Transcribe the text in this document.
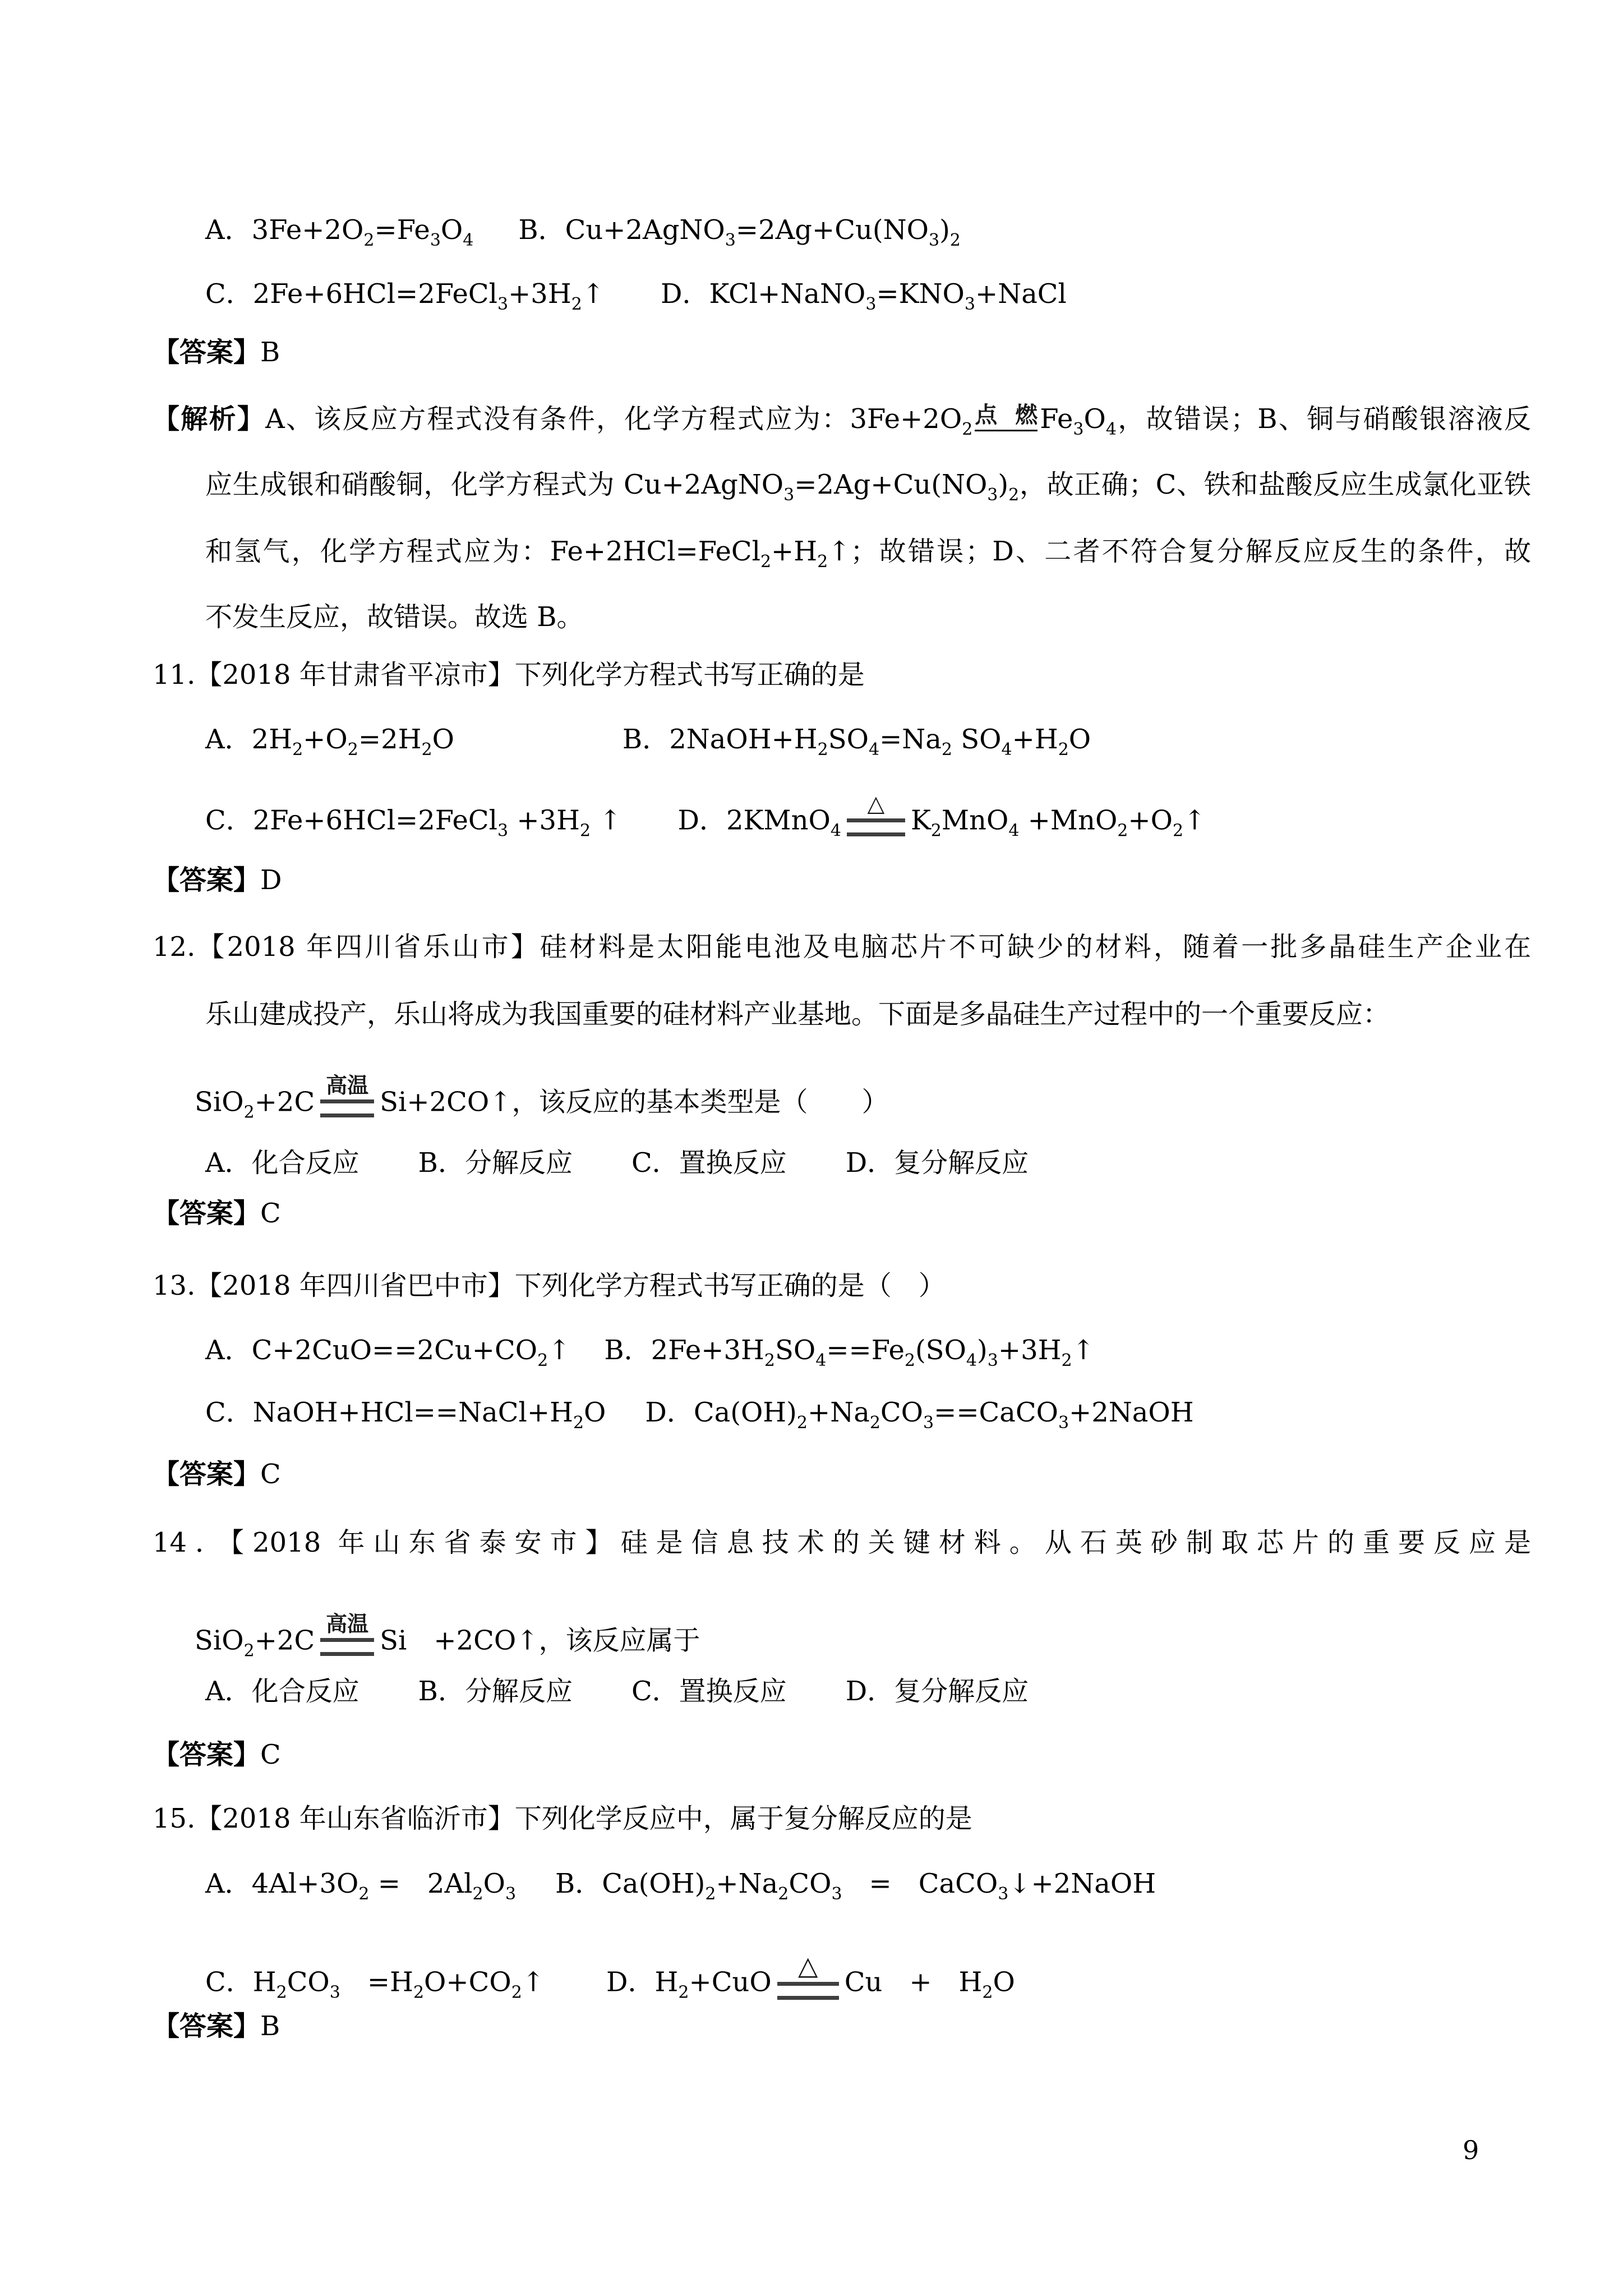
9
A．$3Fe+2O_2=Fe_3O_4$ B．$Cu+2AgNO_3=2Ag+Cu(NO_3)_2$
C．$2Fe+6HCl=2FeCl_3+3H_2↑$ D．$KCl+NaNO_3=KNO_3+NaCl$
【答案】B
【解析】A、该反应方程式没有条件，化学方程式应为：$3Fe+2O_2$
点燃 $Fe_3O_4$，故错误；B、铜与硝酸银溶液反
应生成银和硝酸铜，化学方程式为 $Cu+2AgNO_3=2Ag+Cu(NO_3)_2$，故正确；C、铁和盐酸反应生成氯化亚铁
和氢气，化学方程式应为：$Fe+2HCl=FeCl_2+H_2↑$；故错误；D、二者不符合复分解反应反生的条件，故
不发生反应，故错误。故选 B。
11.【2018 年甘肃省平凉市】下列化学方程式书写正确的是
A．$2H_2+O_2=2H_2O$	B．$2NaOH+H_2SO_4=Na_2$ $SO_4+H_2O$
C．2Fe+6HCl=2FeCl$_3$ $+3H_2$ ↑ D．2KMnO$_4$
△
$K_2MnO_4$ $+MnO_2+O_2↑$
【答案】D
12.【2018 年四川省乐山市】硅材料是太阳能电池及电脑芯片不可缺少的材料，随着一批多晶硅生产企业在
乐山建成投产，乐山将成为我国重要的硅材料产业基地。下面是多晶硅生产过程中的一个重要反应：
SiO$_2$+2C
高温
Si+2CO↑，该反应的基本类型是（　　）
A．化合反应 B．分解反应 C．置换反应 D．复分解反应
【答案】C
13.【2018 年四川省巴中市】下列化学方程式书写正确的是（　）
A．$C+2CuO==2Cu+CO_2↑$ B．$2Fe+3H_2SO_4==Fe_2(SO_4)_3+3H_2↑$
C．$NaOH+HCl==NaCl+H_2O$ D．$Ca(OH)_2+Na_2CO_3==CaCO_3+2NaOH$
【答案】C
14．【2018 年山东省泰安市】硅是信息技术的关键材料。从石英砂制取芯片的重要反应是
SiO$_2$+2C
高温
Si　+2CO↑，该反应属于
A．化合反应 B．分解反应 C．置换反应 D．复分解反应
【答案】C
15.【2018 年山东省临沂市】下列化学反应中，属于复分解反应的是
A．$4Al+3O_2$ =　$2Al_2O_3$ B．$Ca(OH)_2+Na_2CO_3$　=　CaCO$_3$↓+2NaOH
C．$H_2CO_3$　$=H_2O+CO_2↑$ D．$H_2+CuO$
△
Cu　+　$H_2O$
【答案】B
